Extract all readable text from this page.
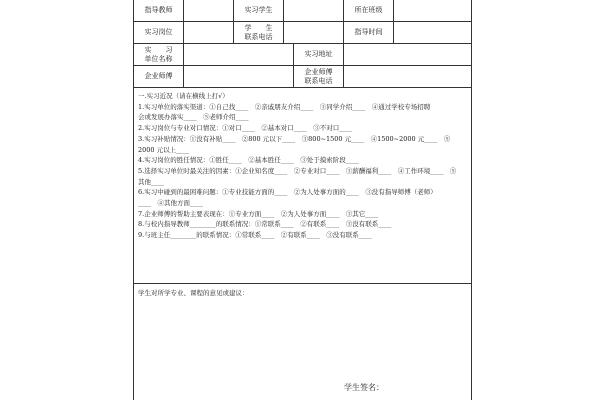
指导教师	实习学生	所在班级
实习岗位
学　　生
联系电话
指导时间
实　　习
单位名称
实习地址
企业师傅
企业师傅
联系电话
一.实习近况（请在横线上打√）
1.实习单位的落实渠道：①自己找____　②亲戚朋友介绍____　③同学介绍____　④通过学校专场招聘
会或发展办落实____　⑤老师介绍____
2.实习岗位与专业对口情况：①对口____　②基本对口____　③不对口____
3.实习补贴情况：①没有补贴____　②800 元以下____　③800~1500 元____　④1500~2000 元____　⑤
2000 元以上____
4.实习岗位的胜任情况：①胜任____　②基本胜任____　③处于摸索阶段____
5.选择实习单位时最关注的因素：①企业知名度____　②专业对口____　③薪酬福利____　④工作环境____　⑤
其他____
6.实习中碰到的最困难问题：①专业技能方面的____　②为人处事方面的____　③没有指导师傅（老师）
____　④其他方面____
7.企业师傅的帮助主要表现在：①专业方面____　②为人处事方面____　③其它____
8.与校内指导教师________的联系情况：①常联系____　②有联系____　③没有联系____
9.与班主任________的联系情况：①常联系____　②有联系____　③没有联系____
学生对所学专业、课程的意见或建议：
学生签名：
